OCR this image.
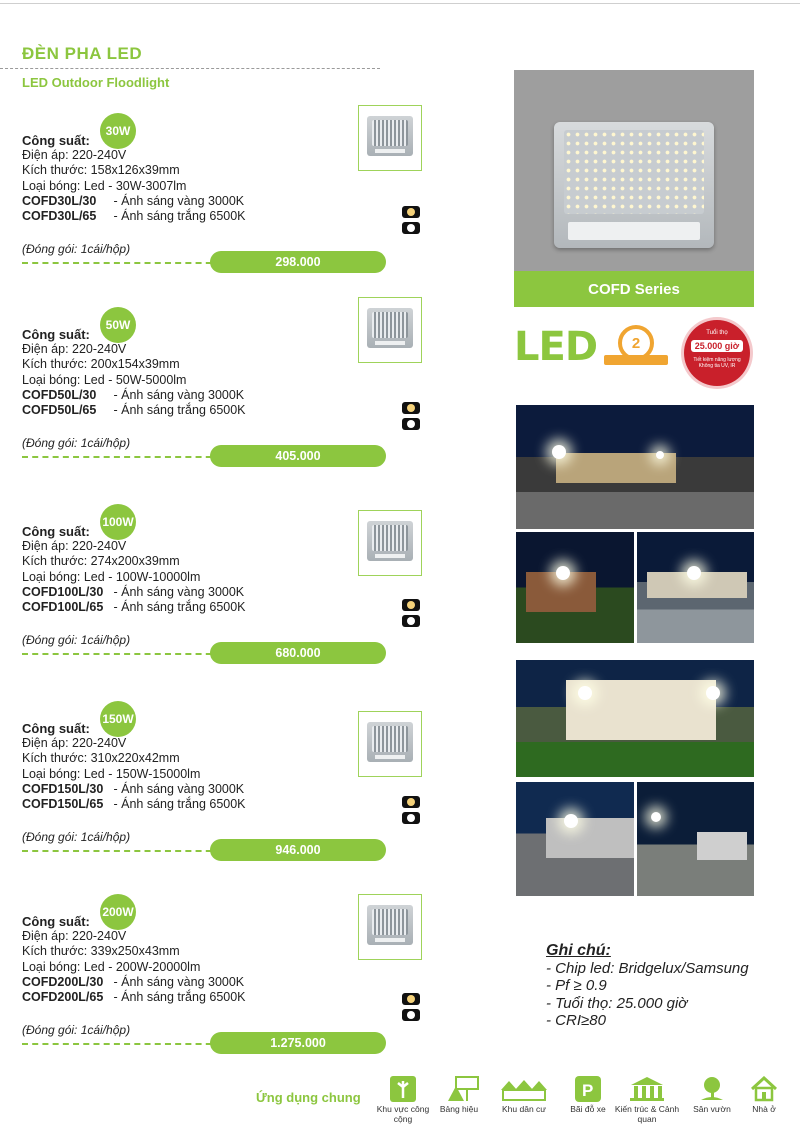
ĐÈN PHA LED
LED Outdoor Floodlight
30W
Công suất:
Điện áp: 220-240V
Kích thước: 158x126x39mm
Loại bóng: Led - 30W-3007lm
COFD30L/30 - Ánh sáng vàng 3000K
COFD30L/65 - Ánh sáng trắng 6500K
(Đóng gói: 1cái/hộp)
298.000
50W
Công suất:
Điện áp: 220-240V
Kích thước: 200x154x39mm
Loại bóng: Led - 50W-5000lm
COFD50L/30 - Ánh sáng vàng 3000K
COFD50L/65 - Ánh sáng trắng 6500K
(Đóng gói: 1cái/hộp)
405.000
100W
Công suất:
Điện áp: 220-240V
Kích thước: 274x200x39mm
Loại bóng: Led - 100W-10000lm
COFD100L/30 - Ánh sáng vàng 3000K
COFD100L/65 - Ánh sáng trắng 6500K
(Đóng gói: 1cái/hộp)
680.000
150W
Công suất:
Điện áp: 220-240V
Kích thước: 310x220x42mm
Loại bóng: Led - 150W-15000lm
COFD150L/30 - Ánh sáng vàng 3000K
COFD150L/65 - Ánh sáng trắng 6500K
(Đóng gói: 1cái/hộp)
946.000
200W
Công suất:
Điện áp: 220-240V
Kích thước: 339x250x43mm
Loại bóng: Led - 200W-20000lm
COFD200L/30 - Ánh sáng vàng 3000K
COFD200L/65 - Ánh sáng trắng 6500K
(Đóng gói: 1cái/hộp)
1.275.000
COFD Series
LED	2
Tuổi thọ
25.000 giờ
Tiết kiệm năng lượng Không tia UV, IR
Ghi chú:
- Chip led: Bridgelux/Samsung
- Pf ≥ 0.9
- Tuổi thọ: 25.000 giờ
- CRI≥80
Ứng dụng chung
Khu vực công cộng
Bảng hiệu	Khu dân cư
P
Bãi đỗ xe	Kiến trúc & Cảnh quan
Sân vườn	Nhà ở
